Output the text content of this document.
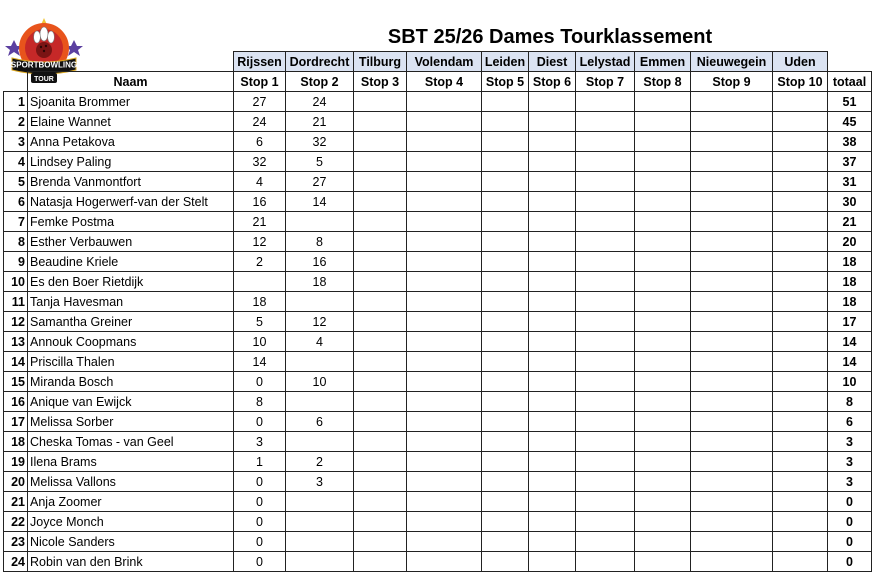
SPORTBOWLING
TOUR
SBT 25/26 Dames Tourklassement
		Rijssen	Dordrecht	Tilburg	Volendam	Leiden	Diest	Lelystad	Emmen	Nieuwegein	Uden	
	Naam	Stop 1	Stop 2	Stop 3	Stop 4	Stop 5	Stop 6	Stop 7	Stop 8	Stop 9	Stop 10	totaal
1	Sjoanita Brommer	27	24									51
2	Elaine Wannet	24	21									45
3	Anna Petakova	6	32									38
4	Lindsey Paling	32	5									37
5	Brenda Vanmontfort	4	27									31
6	Natasja Hogerwerf-van der Stelt	16	14									30
7	Femke Postma	21										21
8	Esther Verbauwen	12	8									20
9	Beaudine Kriele	2	16									18
10	Es den Boer Rietdijk		18									18
11	Tanja Havesman	18										18
12	Samantha Greiner	5	12									17
13	Annouk Coopmans	10	4									14
14	Priscilla Thalen	14										14
15	Miranda Bosch	0	10									10
16	Anique van Ewijck	8										8
17	Melissa Sorber	0	6									6
18	Cheska Tomas - van Geel	3										3
19	Ilena Brams	1	2									3
20	Melissa Vallons	0	3									3
21	Anja Zoomer	0										0
22	Joyce Monch	0										0
23	Nicole Sanders	0										0
24	Robin van den Brink	0										0
